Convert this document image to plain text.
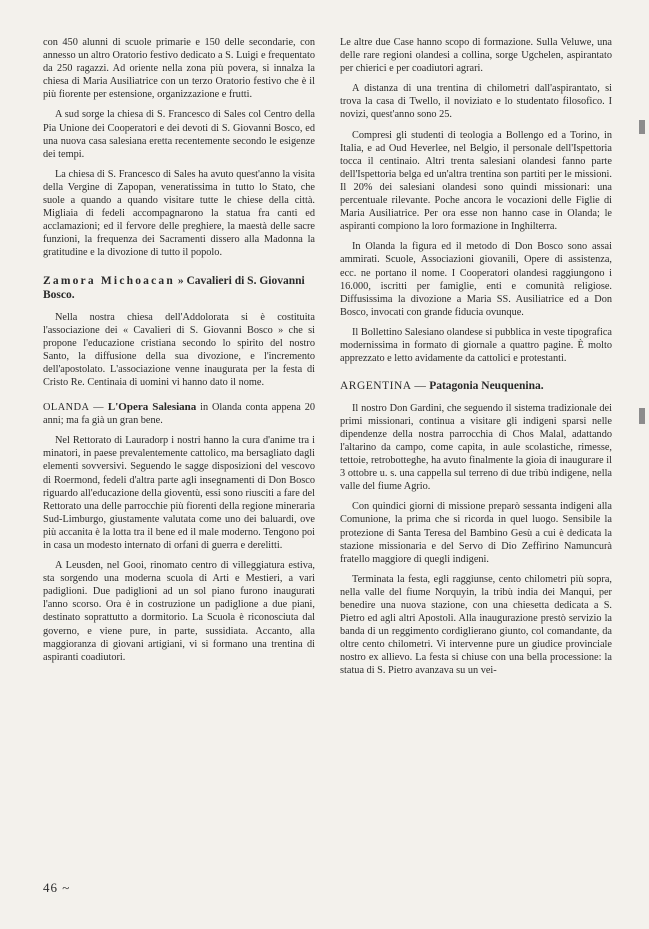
con 450 alunni di scuole primarie e 150 delle secondarie, con annesso un altro Oratorio festivo dedicato a S. Luigi e frequentato da 250 ragazzi. Ad oriente nella zona più povera, si innalza la chiesa di Maria Ausiliatrice con un terzo Oratorio festivo che è il più fiorente per estensione, organizzazione e frutti.

A sud sorge la chiesa di S. Francesco di Sales col Centro della Pia Unione dei Cooperatori e dei devoti di S. Giovanni Bosco, ed una nuova casa salesiana eretta recentemente secondo le esigenze dei tempi.

La chiesa di S. Francesco di Sales ha avuto quest'anno la visita della Vergine di Zapopan, veneratissima in tutto lo Stato, che suole a quando a quando visitare tutte le chiese della città. Migliaia di fedeli accompagnarono la statua fra canti ed acclamazioni; ed il fervore delle preghiere, la maestà delle sacre funzioni, la frequenza dei Sacramenti dissero alla Madonna la gratitudine e la divozione di tutto il popolo.

Zamora Michoacan » Cavalieri di S. Giovanni Bosco.

Nella nostra chiesa dell'Addolorata si è costituita l'associazione dei « Cavalieri di S. Giovanni Bosco » che si propone l'educazione cristiana secondo lo spirito del nostro Santo, la diffusione della sua divozione, e l'incremento dell'apostolato. L'associazione venne inaugurata per la festa di Cristo Re. Centinaia di uomini vi hanno dato il nome.

OLANDA — L'Opera Salesiana in Olanda conta appena 20 anni; ma fa già un gran bene.

Nel Rettorato di Lauradorp i nostri hanno la cura d'anime tra i minatori, in paese prevalentemente cattolico, ma bersagliato dagli elementi sovversivi. Seguendo le sagge disposizioni del vescovo di Roermond, fedeli d'altra parte agli insegnamenti di Don Bosco riguardo all'educazione della gioventù, essi sono riusciti a fare del Rettorato una delle parrocchie più fiorenti della regione mineraria Sud-Limburgo, giustamente valutata come uno dei baluardi, ove più accanita è la lotta tra il bene ed il male moderno. Tengono poi in casa un modesto internato di orfani di guerra e derelitti.

A Leusden, nel Gooi, rinomato centro di villeggiatura estiva, sta sorgendo una moderna scuola di Arti e Mestieri, a vari padiglioni. Due padiglioni ad un sol piano furono inaugurati l'anno scorso. Ora è in costruzione un padiglione a due piani, destinato soprattutto a dormitorio. La Scuola è riconosciuta dal governo, e viene pure, in parte, sussidiata. Accanto, alla maggioranza di giovani artigiani, vi si formano una trentina di aspiranti coadiutori.

Le altre due Case hanno scopo di formazione. Sulla Veluwe, una delle rare regioni olandesi a collina, sorge Ugchelen, aspirantato per chierici e per coadiutori agrari.

A distanza di una trentina di chilometri dall'aspirantato, si trova la casa di Twello, il noviziato e lo studentato filosofico. I novizi, quest'anno sono 25.

Compresi gli studenti di teologia a Bollengo ed a Torino, in Italia, e ad Oud Heverlee, nel Belgio, il personale dell'Ispettoria tocca il centinaio. Altri trenta salesiani olandesi fanno parte dell'Ispettoria belga ed un'altra trentina son partiti per le missioni. Il 20% dei salesiani olandesi sono quindi missionari: una percentuale rilevante. Poche ancora le vocazioni delle Figlie di Maria Ausiliatrice. Per ora esse non hanno case in Olanda; le aspiranti compiono la loro formazione in Inghilterra.

In Olanda la figura ed il metodo di Don Bosco sono assai ammirati. Scuole, Associazioni giovanili, Opere di assistenza, ecc. ne portano il nome. I Cooperatori olandesi raggiungono i 16.000, iscritti per famiglie, enti e comunità religiose. Diffusissima la divozione a Maria SS. Ausiliatrice ed a Don Bosco, invocati con grande fiducia ovunque.

Il Bollettino Salesiano olandese si pubblica in veste tipografica modernissima in formato di giornale a quattro pagine. È molto apprezzato e letto avidamente da cattolici e protestanti.

ARGENTINA — Patagonia Neuquenina.

Il nostro Don Gardini, che seguendo il sistema tradizionale dei primi missionari, continua a visitare gli indigeni sparsi nelle dipendenze della nostra parrocchia di Chos Malal, adattando l'altarino da campo, come capita, in aule scolastiche, rimesse, tettoie, retrobotteghe, ha avuto finalmente la gioia di inaugurare il 3 ottobre u. s. una cappella sul terreno di due tribù indigene, nella valle del fiume Agrio.

Con quindici giorni di missione preparò sessanta indigeni alla Comunione, la prima che si ricorda in quel luogo. Sensibile la protezione di Santa Teresa del Bambino Gesù a cui è dedicata la stazione missionaria e del Servo di Dio Zeffirino Namuncurà fratello maggiore di quegli indigeni.

Terminata la festa, egli raggiunse, cento chilometri più sopra, nella valle del fiume Norquyin, la tribù india dei Manqui, per benedire una nuova stazione, con una chiesetta dedicata a S. Pietro ed agli altri Apostoli. Alla inaugurazione prestò servizio la banda di un reggimento cordiglierano giunto, col comandante, da oltre cento chilometri. Vi intervenne pure un giudice provinciale nostro ex allievo. La festa si chiuse con una bella processione: la statua di S. Pietro avanzava su un vei-

46 ~
